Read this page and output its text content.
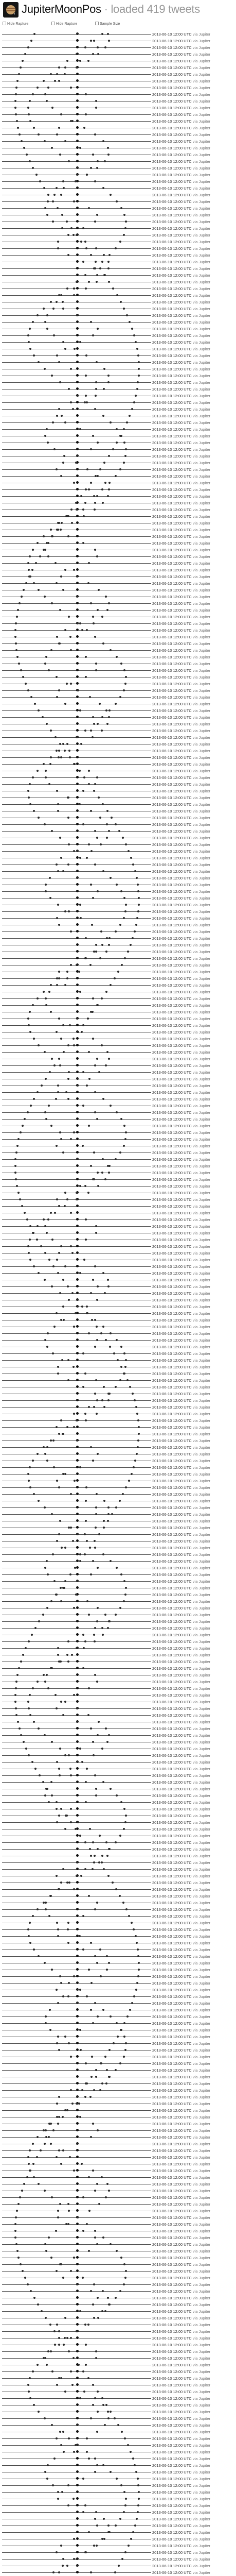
JupiterMoonPos · loaded 419 tweets
Hide Rapture	Hide Rapture	Sample Size
2013-06-10 12:00 UTC via Jupiter
2013-06-10 12:00 UTC via Jupiter
2013-06-10 12:00 UTC via Jupiter
2013-06-10 12:00 UTC via Jupiter
2013-06-10 12:00 UTC via Jupiter
2013-06-10 12:00 UTC via Jupiter
2013-06-10 12:00 UTC via Jupiter
2013-06-10 12:00 UTC via Jupiter
2013-06-10 12:00 UTC via Jupiter
2013-06-10 12:00 UTC via Jupiter
2013-06-10 12:00 UTC via Jupiter
2013-06-10 12:00 UTC via Jupiter
2013-06-10 12:00 UTC via Jupiter
2013-06-10 12:00 UTC via Jupiter
2013-06-10 12:00 UTC via Jupiter
2013-06-10 12:00 UTC via Jupiter
2013-06-10 12:00 UTC via Jupiter
2013-06-10 12:00 UTC via Jupiter
2013-06-10 12:00 UTC via Jupiter
2013-06-10 12:00 UTC via Jupiter
2013-06-10 12:00 UTC via Jupiter
2013-06-10 12:00 UTC via Jupiter
2013-06-10 12:00 UTC via Jupiter
2013-06-10 12:00 UTC via Jupiter
2013-06-10 12:00 UTC via Jupiter
2013-06-10 12:00 UTC via Jupiter
2013-06-10 12:00 UTC via Jupiter
2013-06-10 12:00 UTC via Jupiter
2013-06-10 12:00 UTC via Jupiter
2013-06-10 12:00 UTC via Jupiter
2013-06-10 12:00 UTC via Jupiter
2013-06-10 12:00 UTC via Jupiter
2013-06-10 12:00 UTC via Jupiter
2013-06-10 12:00 UTC via Jupiter
2013-06-10 12:00 UTC via Jupiter
2013-06-10 12:00 UTC via Jupiter
2013-06-10 12:00 UTC via Jupiter
2013-06-10 12:00 UTC via Jupiter
2013-06-10 12:00 UTC via Jupiter
2013-06-10 12:00 UTC via Jupiter
2013-06-10 12:00 UTC via Jupiter
2013-06-10 12:00 UTC via Jupiter
2013-06-10 12:00 UTC via Jupiter
2013-06-10 12:00 UTC via Jupiter
2013-06-10 12:00 UTC via Jupiter
2013-06-10 12:00 UTC via Jupiter
2013-06-10 12:00 UTC via Jupiter
2013-06-10 12:00 UTC via Jupiter
2013-06-10 12:00 UTC via Jupiter
2013-06-10 12:00 UTC via Jupiter
2013-06-10 12:00 UTC via Jupiter
2013-06-10 12:00 UTC via Jupiter
2013-06-10 12:00 UTC via Jupiter
2013-06-10 12:00 UTC via Jupiter
2013-06-10 12:00 UTC via Jupiter
2013-06-10 12:00 UTC via Jupiter
2013-06-10 12:00 UTC via Jupiter
2013-06-10 12:00 UTC via Jupiter
2013-06-10 12:00 UTC via Jupiter
2013-06-10 12:00 UTC via Jupiter
2013-06-10 12:00 UTC via Jupiter
2013-06-10 12:00 UTC via Jupiter
2013-06-10 12:00 UTC via Jupiter
2013-06-10 12:00 UTC via Jupiter
2013-06-10 12:00 UTC via Jupiter
2013-06-10 12:00 UTC via Jupiter
2013-06-10 12:00 UTC via Jupiter
2013-06-10 12:00 UTC via Jupiter
2013-06-10 12:00 UTC via Jupiter
2013-06-10 12:00 UTC via Jupiter
2013-06-10 12:00 UTC via Jupiter
2013-06-10 12:00 UTC via Jupiter
2013-06-10 12:00 UTC via Jupiter
2013-06-10 12:00 UTC via Jupiter
2013-06-10 12:00 UTC via Jupiter
2013-06-10 12:00 UTC via Jupiter
2013-06-10 12:00 UTC via Jupiter
2013-06-10 12:00 UTC via Jupiter
2013-06-10 12:00 UTC via Jupiter
2013-06-10 12:00 UTC via Jupiter
2013-06-10 12:00 UTC via Jupiter
2013-06-10 12:00 UTC via Jupiter
2013-06-10 12:00 UTC via Jupiter
2013-06-10 12:00 UTC via Jupiter
2013-06-10 12:00 UTC via Jupiter
2013-06-10 12:00 UTC via Jupiter
2013-06-10 12:00 UTC via Jupiter
2013-06-10 12:00 UTC via Jupiter
2013-06-10 12:00 UTC via Jupiter
2013-06-10 12:00 UTC via Jupiter
2013-06-10 12:00 UTC via Jupiter
2013-06-10 12:00 UTC via Jupiter
2013-06-10 12:00 UTC via Jupiter
2013-06-10 12:00 UTC via Jupiter
2013-06-10 12:00 UTC via Jupiter
2013-06-10 12:00 UTC via Jupiter
2013-06-10 12:00 UTC via Jupiter
2013-06-10 12:00 UTC via Jupiter
2013-06-10 12:00 UTC via Jupiter
2013-06-10 12:00 UTC via Jupiter
2013-06-10 12:00 UTC via Jupiter
2013-06-10 12:00 UTC via Jupiter
2013-06-10 12:00 UTC via Jupiter
2013-06-10 12:00 UTC via Jupiter
2013-06-10 12:00 UTC via Jupiter
2013-06-10 12:00 UTC via Jupiter
2013-06-10 12:00 UTC via Jupiter
2013-06-10 12:00 UTC via Jupiter
2013-06-10 12:00 UTC via Jupiter
2013-06-10 12:00 UTC via Jupiter
2013-06-10 12:00 UTC via Jupiter
2013-06-10 12:00 UTC via Jupiter
2013-06-10 12:00 UTC via Jupiter
2013-06-10 12:00 UTC via Jupiter
2013-06-10 12:00 UTC via Jupiter
2013-06-10 12:00 UTC via Jupiter
2013-06-10 12:00 UTC via Jupiter
2013-06-10 12:00 UTC via Jupiter
2013-06-10 12:00 UTC via Jupiter
2013-06-10 12:00 UTC via Jupiter
2013-06-10 12:00 UTC via Jupiter
2013-06-10 12:00 UTC via Jupiter
2013-06-10 12:00 UTC via Jupiter
2013-06-10 12:00 UTC via Jupiter
2013-06-10 12:00 UTC via Jupiter
2013-06-10 12:00 UTC via Jupiter
2013-06-10 12:00 UTC via Jupiter
2013-06-10 12:00 UTC via Jupiter
2013-06-10 12:00 UTC via Jupiter
2013-06-10 12:00 UTC via Jupiter
2013-06-10 12:00 UTC via Jupiter
2013-06-10 12:00 UTC via Jupiter
2013-06-10 12:00 UTC via Jupiter
2013-06-10 12:00 UTC via Jupiter
2013-06-10 12:00 UTC via Jupiter
2013-06-10 12:00 UTC via Jupiter
2013-06-10 12:00 UTC via Jupiter
2013-06-10 12:00 UTC via Jupiter
2013-06-10 12:00 UTC via Jupiter
2013-06-10 12:00 UTC via Jupiter
2013-06-10 12:00 UTC via Jupiter
2013-06-10 12:00 UTC via Jupiter
2013-06-10 12:00 UTC via Jupiter
2013-06-10 12:00 UTC via Jupiter
2013-06-10 12:00 UTC via Jupiter
2013-06-10 12:00 UTC via Jupiter
2013-06-10 12:00 UTC via Jupiter
2013-06-10 12:00 UTC via Jupiter
2013-06-10 12:00 UTC via Jupiter
2013-06-10 12:00 UTC via Jupiter
2013-06-10 12:00 UTC via Jupiter
2013-06-10 12:00 UTC via Jupiter
2013-06-10 12:00 UTC via Jupiter
2013-06-10 12:00 UTC via Jupiter
2013-06-10 12:00 UTC via Jupiter
2013-06-10 12:00 UTC via Jupiter
2013-06-10 12:00 UTC via Jupiter
2013-06-10 12:00 UTC via Jupiter
2013-06-10 12:00 UTC via Jupiter
2013-06-10 12:00 UTC via Jupiter
2013-06-10 12:00 UTC via Jupiter
2013-06-10 12:00 UTC via Jupiter
2013-06-10 12:00 UTC via Jupiter
2013-06-10 12:00 UTC via Jupiter
2013-06-10 12:00 UTC via Jupiter
2013-06-10 12:00 UTC via Jupiter
2013-06-10 12:00 UTC via Jupiter
2013-06-10 12:00 UTC via Jupiter
2013-06-10 12:00 UTC via Jupiter
2013-06-10 12:00 UTC via Jupiter
2013-06-10 12:00 UTC via Jupiter
2013-06-10 12:00 UTC via Jupiter
2013-06-10 12:00 UTC via Jupiter
2013-06-10 12:00 UTC via Jupiter
2013-06-10 12:00 UTC via Jupiter
2013-06-10 12:00 UTC via Jupiter
2013-06-10 12:00 UTC via Jupiter
2013-06-10 12:00 UTC via Jupiter
2013-06-10 12:00 UTC via Jupiter
2013-06-10 12:00 UTC via Jupiter
2013-06-10 12:00 UTC via Jupiter
2013-06-10 12:00 UTC via Jupiter
2013-06-10 12:00 UTC via Jupiter
2013-06-10 12:00 UTC via Jupiter
2013-06-10 12:00 UTC via Jupiter
2013-06-10 12:00 UTC via Jupiter
2013-06-10 12:00 UTC via Jupiter
2013-06-10 12:00 UTC via Jupiter
2013-06-10 12:00 UTC via Jupiter
2013-06-10 12:00 UTC via Jupiter
2013-06-10 12:00 UTC via Jupiter
2013-06-10 12:00 UTC via Jupiter
2013-06-10 12:00 UTC via Jupiter
2013-06-10 12:00 UTC via Jupiter
2013-06-10 12:00 UTC via Jupiter
2013-06-10 12:00 UTC via Jupiter
2013-06-10 12:00 UTC via Jupiter
2013-06-10 12:00 UTC via Jupiter
2013-06-10 12:00 UTC via Jupiter
2013-06-10 12:00 UTC via Jupiter
2013-06-10 12:00 UTC via Jupiter
2013-06-10 12:00 UTC via Jupiter
2013-06-10 12:00 UTC via Jupiter
2013-06-10 12:00 UTC via Jupiter
2013-06-10 12:00 UTC via Jupiter
2013-06-10 12:00 UTC via Jupiter
2013-06-10 12:00 UTC via Jupiter
2013-06-10 12:00 UTC via Jupiter
2013-06-10 12:00 UTC via Jupiter
2013-06-10 12:00 UTC via Jupiter
2013-06-10 12:00 UTC via Jupiter
2013-06-10 12:00 UTC via Jupiter
2013-06-10 12:00 UTC via Jupiter
2013-06-10 12:00 UTC via Jupiter
2013-06-10 12:00 UTC via Jupiter
2013-06-10 12:00 UTC via Jupiter
2013-06-10 12:00 UTC via Jupiter
2013-06-10 12:00 UTC via Jupiter
2013-06-10 12:00 UTC via Jupiter
2013-06-10 12:00 UTC via Jupiter
2013-06-10 12:00 UTC via Jupiter
2013-06-10 12:00 UTC via Jupiter
2013-06-10 12:00 UTC via Jupiter
2013-06-10 12:00 UTC via Jupiter
2013-06-10 12:00 UTC via Jupiter
2013-06-10 12:00 UTC via Jupiter
2013-06-10 12:00 UTC via Jupiter
2013-06-10 12:00 UTC via Jupiter
2013-06-10 12:00 UTC via Jupiter
2013-06-10 12:00 UTC via Jupiter
2013-06-10 12:00 UTC via Jupiter
2013-06-10 12:00 UTC via Jupiter
2013-06-10 12:00 UTC via Jupiter
2013-06-10 12:00 UTC via Jupiter
2013-06-10 12:00 UTC via Jupiter
2013-06-10 12:00 UTC via Jupiter
2013-06-10 12:00 UTC via Jupiter
2013-06-10 12:00 UTC via Jupiter
2013-06-10 12:00 UTC via Jupiter
2013-06-10 12:00 UTC via Jupiter
2013-06-10 12:00 UTC via Jupiter
2013-06-10 12:00 UTC via Jupiter
2013-06-10 12:00 UTC via Jupiter
2013-06-10 12:00 UTC via Jupiter
2013-06-10 12:00 UTC via Jupiter
2013-06-10 12:00 UTC via Jupiter
2013-06-10 12:00 UTC via Jupiter
2013-06-10 12:00 UTC via Jupiter
2013-06-10 12:00 UTC via Jupiter
2013-06-10 12:00 UTC via Jupiter
2013-06-10 12:00 UTC via Jupiter
2013-06-10 12:00 UTC via Jupiter
2013-06-10 12:00 UTC via Jupiter
2013-06-10 12:00 UTC via Jupiter
2013-06-10 12:00 UTC via Jupiter
2013-06-10 12:00 UTC via Jupiter
2013-06-10 12:00 UTC via Jupiter
2013-06-10 12:00 UTC via Jupiter
2013-06-10 12:00 UTC via Jupiter
2013-06-10 12:00 UTC via Jupiter
2013-06-10 12:00 UTC via Jupiter
2013-06-10 12:00 UTC via Jupiter
2013-06-10 12:00 UTC via Jupiter
2013-06-10 12:00 UTC via Jupiter
2013-06-10 12:00 UTC via Jupiter
2013-06-10 12:00 UTC via Jupiter
2013-06-10 12:00 UTC via Jupiter
2013-06-10 12:00 UTC via Jupiter
2013-06-10 12:00 UTC via Jupiter
2013-06-10 12:00 UTC via Jupiter
2013-06-10 12:00 UTC via Jupiter
2013-06-10 12:00 UTC via Jupiter
2013-06-10 12:00 UTC via Jupiter
2013-06-10 12:00 UTC via Jupiter
2013-06-10 12:00 UTC via Jupiter
2013-06-10 12:00 UTC via Jupiter
2013-06-10 12:00 UTC via Jupiter
2013-06-10 12:00 UTC via Jupiter
2013-06-10 12:00 UTC via Jupiter
2013-06-10 12:00 UTC via Jupiter
2013-06-10 12:00 UTC via Jupiter
2013-06-10 12:00 UTC via Jupiter
2013-06-10 12:00 UTC via Jupiter
2013-06-10 12:00 UTC via Jupiter
2013-06-10 12:00 UTC via Jupiter
2013-06-10 12:00 UTC via Jupiter
2013-06-10 12:00 UTC via Jupiter
2013-06-10 12:00 UTC via Jupiter
2013-06-10 12:00 UTC via Jupiter
2013-06-10 12:00 UTC via Jupiter
2013-06-10 12:00 UTC via Jupiter
2013-06-10 12:00 UTC via Jupiter
2013-06-10 12:00 UTC via Jupiter
2013-06-10 12:00 UTC via Jupiter
2013-06-10 12:00 UTC via Jupiter
2013-06-10 12:00 UTC via Jupiter
2013-06-10 12:00 UTC via Jupiter
2013-06-10 12:00 UTC via Jupiter
2013-06-10 12:00 UTC via Jupiter
2013-06-10 12:00 UTC via Jupiter
2013-06-10 12:00 UTC via Jupiter
2013-06-10 12:00 UTC via Jupiter
2013-06-10 12:00 UTC via Jupiter
2013-06-10 12:00 UTC via Jupiter
2013-06-10 12:00 UTC via Jupiter
2013-06-10 12:00 UTC via Jupiter
2013-06-10 12:00 UTC via Jupiter
2013-06-10 12:00 UTC via Jupiter
2013-06-10 12:00 UTC via Jupiter
2013-06-10 12:00 UTC via Jupiter
2013-06-10 12:00 UTC via Jupiter
2013-06-10 12:00 UTC via Jupiter
2013-06-10 12:00 UTC via Jupiter
2013-06-10 12:00 UTC via Jupiter
2013-06-10 12:00 UTC via Jupiter
2013-06-10 12:00 UTC via Jupiter
2013-06-10 12:00 UTC via Jupiter
2013-06-10 12:00 UTC via Jupiter
2013-06-10 12:00 UTC via Jupiter
2013-06-10 12:00 UTC via Jupiter
2013-06-10 12:00 UTC via Jupiter
2013-06-10 12:00 UTC via Jupiter
2013-06-10 12:00 UTC via Jupiter
2013-06-10 12:00 UTC via Jupiter
2013-06-10 12:00 UTC via Jupiter
2013-06-10 12:00 UTC via Jupiter
2013-06-10 12:00 UTC via Jupiter
2013-06-10 12:00 UTC via Jupiter
2013-06-10 12:00 UTC via Jupiter
2013-06-10 12:00 UTC via Jupiter
2013-06-10 12:00 UTC via Jupiter
2013-06-10 12:00 UTC via Jupiter
2013-06-10 12:00 UTC via Jupiter
2013-06-10 12:00 UTC via Jupiter
2013-06-10 12:00 UTC via Jupiter
2013-06-10 12:00 UTC via Jupiter
2013-06-10 12:00 UTC via Jupiter
2013-06-10 12:00 UTC via Jupiter
2013-06-10 12:00 UTC via Jupiter
2013-06-10 12:00 UTC via Jupiter
2013-06-10 12:00 UTC via Jupiter
2013-06-10 12:00 UTC via Jupiter
2013-06-10 12:00 UTC via Jupiter
2013-06-10 12:00 UTC via Jupiter
2013-06-10 12:00 UTC via Jupiter
2013-06-10 12:00 UTC via Jupiter
2013-06-10 12:00 UTC via Jupiter
2013-06-10 12:00 UTC via Jupiter
2013-06-10 12:00 UTC via Jupiter
2013-06-10 12:00 UTC via Jupiter
2013-06-10 12:00 UTC via Jupiter
2013-06-10 12:00 UTC via Jupiter
2013-06-10 12:00 UTC via Jupiter
2013-06-10 12:00 UTC via Jupiter
2013-06-10 12:00 UTC via Jupiter
2013-06-10 12:00 UTC via Jupiter
2013-06-10 12:00 UTC via Jupiter
2013-06-10 12:00 UTC via Jupiter
2013-06-10 12:00 UTC via Jupiter
2013-06-10 12:00 UTC via Jupiter
2013-06-10 12:00 UTC via Jupiter
2013-06-10 12:00 UTC via Jupiter
2013-06-10 12:00 UTC via Jupiter
2013-06-10 12:00 UTC via Jupiter
2013-06-10 12:00 UTC via Jupiter
2013-06-10 12:00 UTC via Jupiter
2013-06-10 12:00 UTC via Jupiter
2013-06-10 12:00 UTC via Jupiter
2013-06-10 12:00 UTC via Jupiter
2013-06-10 12:00 UTC via Jupiter
2013-06-10 12:00 UTC via Jupiter
2013-06-10 12:00 UTC via Jupiter
2013-06-10 12:00 UTC via Jupiter
2013-06-10 12:00 UTC via Jupiter
2013-06-10 12:00 UTC via Jupiter
2013-06-10 12:00 UTC via Jupiter
2013-06-10 12:00 UTC via Jupiter
2013-06-10 12:00 UTC via Jupiter
2013-06-10 12:00 UTC via Jupiter
2013-06-10 12:00 UTC via Jupiter
